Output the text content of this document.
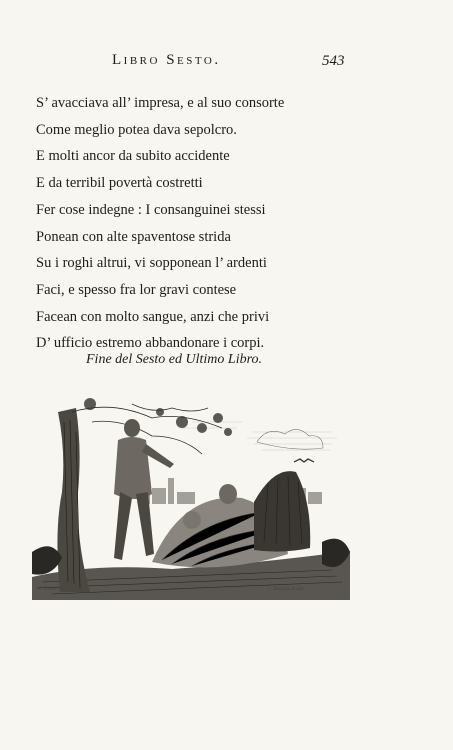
Libro Sesto.	543
S’ avacciava all’ impresa, e al suo consorte
Come meglio potea dava sepolcro.
E molti ancor da subito accidente
E da terribil povertà costretti
Fer cose indegne : I consanguinei stessi
Ponean con alte spaventose strida
Su i roghi altrui, vi sopponean l’ ardenti
Faci, e spesso fra lor gravi contese
Facean con molto sangue, anzi che privi
D’ ufficio estremo abbandonare i corpi.
Fine del Sesto ed Ultimo Libro.
C. Eisen inv.	c. Baquoy Sculp.
